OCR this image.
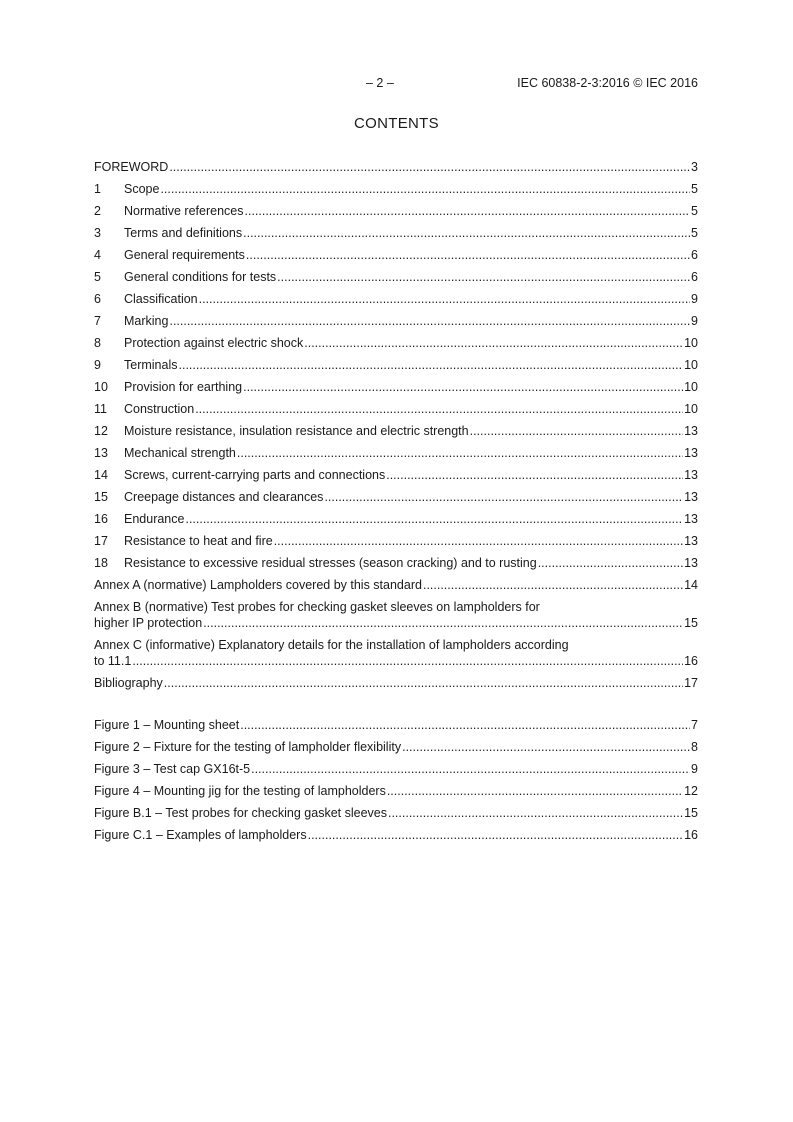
– 2 –	IEC 60838-2-3:2016 © IEC 2016
CONTENTS
FOREWORD .....	3
1	Scope .....	5
2	Normative references .....	5
3	Terms and definitions .....	5
4	General requirements .....	6
5	General conditions for tests .....	6
6	Classification .....	9
7	Marking .....	9
8	Protection against electric shock .....	10
9	Terminals .....	10
10	Provision for earthing .....	10
11	Construction .....	10
12	Moisture resistance, insulation resistance and electric strength .....	13
13	Mechanical strength .....	13
14	Screws, current-carrying parts and connections .....	13
15	Creepage distances and clearances .....	13
16	Endurance .....	13
17	Resistance to heat and fire .....	13
18	Resistance to excessive residual stresses (season cracking) and to rusting .....	13
Annex A (normative) Lampholders covered by this standard .....	14
Annex B (normative) Test probes for checking gasket sleeves on lampholders for
higher IP protection .....	15
Annex C (informative) Explanatory details for the installation of lampholders according
to 11.1 .....	16
Bibliography .....	17
Figure 1 – Mounting sheet .....	7
Figure 2 – Fixture for the testing of lampholder flexibility .....	8
Figure 3 – Test cap GX16t-5 .....	9
Figure 4 – Mounting jig for the testing of lampholders .....	12
Figure B.1 – Test probes for checking gasket sleeves .....	15
Figure C.1 – Examples of lampholders .....	16
